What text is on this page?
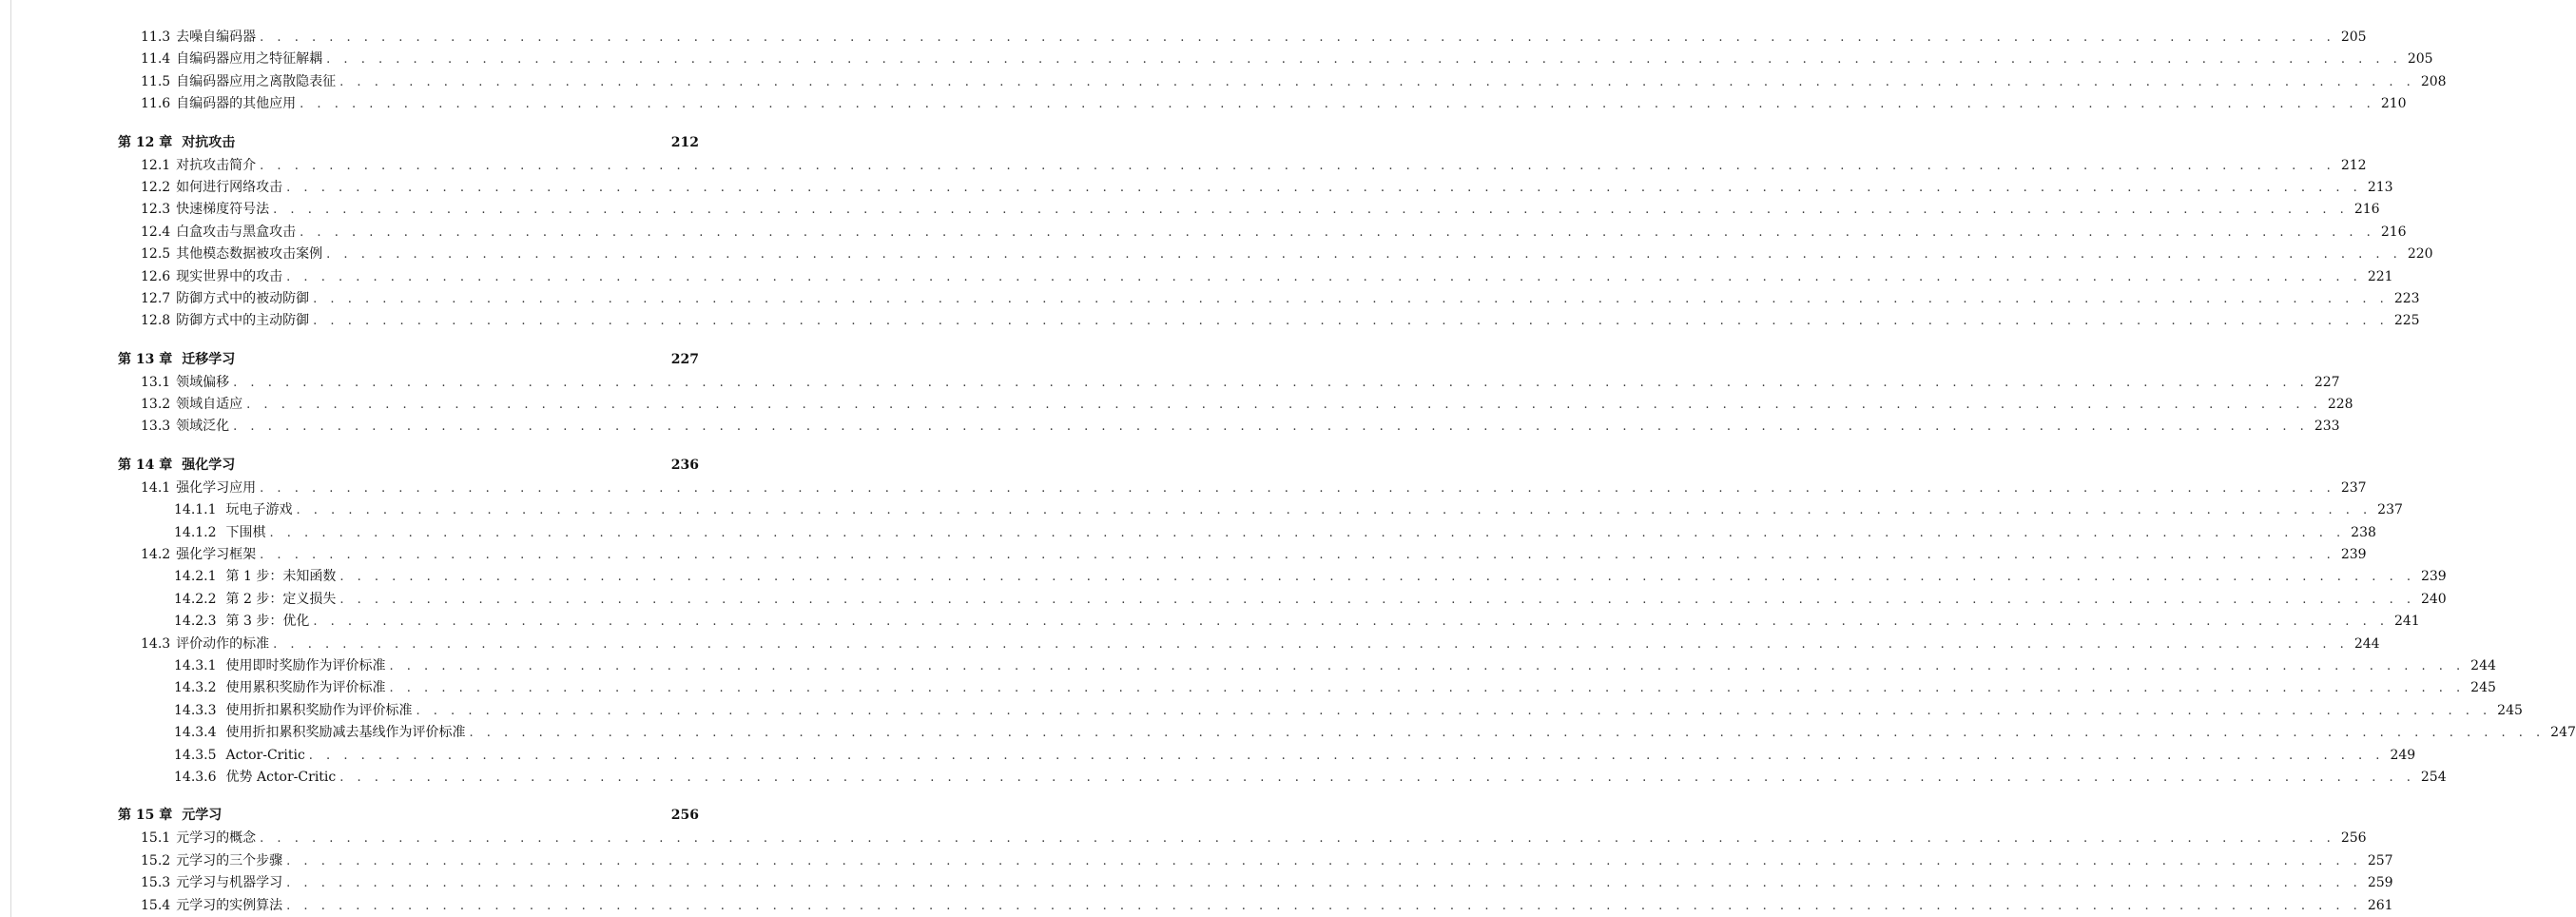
11.3 去噪自编码器 . . . . . . . . . . . . . . . . . . . . . . . . . . . . . . . . . . . . . . . . . . . . . . . . . . . . . . . . . . . . . . . . . . . . . . . . . . . . . . . . . . . . . . . . . . . . . . . . . . . . . . . . . . . . . . . . . . . . . . . . 205
11.4 自编码器应用之特征解耦 . . . . . . . . . . . . . . . . . . . . . . . . . . . . . . . . . . . . . . . . . . . . . . . . . . . . . . . . . . . . . . . . . . . . . . . . . . . . . . . . . . . . . . . . . . . . . . . . . . . . . . . . . . . . . . . . . . . . . . . . 205
11.5 自编码器应用之离散隐表征 . . . . . . . . . . . . . . . . . . . . . . . . . . . . . . . . . . . . . . . . . . . . . . . . . . . . . . . . . . . . . . . . . . . . . . . . . . . . . . . . . . . . . . . . . . . . . . . . . . . . . . . . . . . . . . . . . . . . . . . . 208
11.6 自编码器的其他应用 . . . . . . . . . . . . . . . . . . . . . . . . . . . . . . . . . . . . . . . . . . . . . . . . . . . . . . . . . . . . . . . . . . . . . . . . . . . . . . . . . . . . . . . . . . . . . . . . . . . . . . . . . . . . . . . . . . . . . . . . 210
第 12 章 对抗攻击	212
12.1 对抗攻击简介 . . . . . . . . . . . . . . . . . . . . . . . . . . . . . . . . . . . . . . . . . . . . . . . . . . . . . . . . . . . . . . . . . . . . . . . . . . . . . . . . . . . . . . . . . . . . . . . . . . . . . . . . . . . . . . . . . . . . . . . . 212
12.2 如何进行网络攻击 . . . . . . . . . . . . . . . . . . . . . . . . . . . . . . . . . . . . . . . . . . . . . . . . . . . . . . . . . . . . . . . . . . . . . . . . . . . . . . . . . . . . . . . . . . . . . . . . . . . . . . . . . . . . . . . . . . . . . . . . 213
12.3 快速梯度符号法 . . . . . . . . . . . . . . . . . . . . . . . . . . . . . . . . . . . . . . . . . . . . . . . . . . . . . . . . . . . . . . . . . . . . . . . . . . . . . . . . . . . . . . . . . . . . . . . . . . . . . . . . . . . . . . . . . . . . . . . . 216
12.4 白盒攻击与黑盒攻击 . . . . . . . . . . . . . . . . . . . . . . . . . . . . . . . . . . . . . . . . . . . . . . . . . . . . . . . . . . . . . . . . . . . . . . . . . . . . . . . . . . . . . . . . . . . . . . . . . . . . . . . . . . . . . . . . . . . . . . . . 216
12.5 其他模态数据被攻击案例 . . . . . . . . . . . . . . . . . . . . . . . . . . . . . . . . . . . . . . . . . . . . . . . . . . . . . . . . . . . . . . . . . . . . . . . . . . . . . . . . . . . . . . . . . . . . . . . . . . . . . . . . . . . . . . . . . . . . . . . . 220
12.6 现实世界中的攻击 . . . . . . . . . . . . . . . . . . . . . . . . . . . . . . . . . . . . . . . . . . . . . . . . . . . . . . . . . . . . . . . . . . . . . . . . . . . . . . . . . . . . . . . . . . . . . . . . . . . . . . . . . . . . . . . . . . . . . . . . 221
12.7 防御方式中的被动防御 . . . . . . . . . . . . . . . . . . . . . . . . . . . . . . . . . . . . . . . . . . . . . . . . . . . . . . . . . . . . . . . . . . . . . . . . . . . . . . . . . . . . . . . . . . . . . . . . . . . . . . . . . . . . . . . . . . . . . . . . 223
12.8 防御方式中的主动防御 . . . . . . . . . . . . . . . . . . . . . . . . . . . . . . . . . . . . . . . . . . . . . . . . . . . . . . . . . . . . . . . . . . . . . . . . . . . . . . . . . . . . . . . . . . . . . . . . . . . . . . . . . . . . . . . . . . . . . . . . 225
第 13 章 迁移学习	227
13.1 领域偏移 . . . . . . . . . . . . . . . . . . . . . . . . . . . . . . . . . . . . . . . . . . . . . . . . . . . . . . . . . . . . . . . . . . . . . . . . . . . . . . . . . . . . . . . . . . . . . . . . . . . . . . . . . . . . . . . . . . . . . . . . 227
13.2 领域自适应 . . . . . . . . . . . . . . . . . . . . . . . . . . . . . . . . . . . . . . . . . . . . . . . . . . . . . . . . . . . . . . . . . . . . . . . . . . . . . . . . . . . . . . . . . . . . . . . . . . . . . . . . . . . . . . . . . . . . . . . . 228
13.3 领域泛化 . . . . . . . . . . . . . . . . . . . . . . . . . . . . . . . . . . . . . . . . . . . . . . . . . . . . . . . . . . . . . . . . . . . . . . . . . . . . . . . . . . . . . . . . . . . . . . . . . . . . . . . . . . . . . . . . . . . . . . . . 233
第 14 章 强化学习	236
14.1 强化学习应用 . . . . . . . . . . . . . . . . . . . . . . . . . . . . . . . . . . . . . . . . . . . . . . . . . . . . . . . . . . . . . . . . . . . . . . . . . . . . . . . . . . . . . . . . . . . . . . . . . . . . . . . . . . . . . . . . . . . . . . . . 237
14.1.1 玩电子游戏 . . . . . . . . . . . . . . . . . . . . . . . . . . . . . . . . . . . . . . . . . . . . . . . . . . . . . . . . . . . . . . . . . . . . . . . . . . . . . . . . . . . . . . . . . . . . . . . . . . . . . . . . . . . . . . . . . . . . . . . . 237
14.1.2 下围棋 . . . . . . . . . . . . . . . . . . . . . . . . . . . . . . . . . . . . . . . . . . . . . . . . . . . . . . . . . . . . . . . . . . . . . . . . . . . . . . . . . . . . . . . . . . . . . . . . . . . . . . . . . . . . . . . . . . . . . . . . 238
14.2 强化学习框架 . . . . . . . . . . . . . . . . . . . . . . . . . . . . . . . . . . . . . . . . . . . . . . . . . . . . . . . . . . . . . . . . . . . . . . . . . . . . . . . . . . . . . . . . . . . . . . . . . . . . . . . . . . . . . . . . . . . . . . . . 239
14.2.1 第 1 步：未知函数 . . . . . . . . . . . . . . . . . . . . . . . . . . . . . . . . . . . . . . . . . . . . . . . . . . . . . . . . . . . . . . . . . . . . . . . . . . . . . . . . . . . . . . . . . . . . . . . . . . . . . . . . . . . . . . . . . . . . . . . . 239
14.2.2 第 2 步：定义损失 . . . . . . . . . . . . . . . . . . . . . . . . . . . . . . . . . . . . . . . . . . . . . . . . . . . . . . . . . . . . . . . . . . . . . . . . . . . . . . . . . . . . . . . . . . . . . . . . . . . . . . . . . . . . . . . . . . . . . . . . 240
14.2.3 第 3 步：优化 . . . . . . . . . . . . . . . . . . . . . . . . . . . . . . . . . . . . . . . . . . . . . . . . . . . . . . . . . . . . . . . . . . . . . . . . . . . . . . . . . . . . . . . . . . . . . . . . . . . . . . . . . . . . . . . . . . . . . . . . 241
14.3 评价动作的标准 . . . . . . . . . . . . . . . . . . . . . . . . . . . . . . . . . . . . . . . . . . . . . . . . . . . . . . . . . . . . . . . . . . . . . . . . . . . . . . . . . . . . . . . . . . . . . . . . . . . . . . . . . . . . . . . . . . . . . . . . 244
14.3.1 使用即时奖励作为评价标准 . . . . . . . . . . . . . . . . . . . . . . . . . . . . . . . . . . . . . . . . . . . . . . . . . . . . . . . . . . . . . . . . . . . . . . . . . . . . . . . . . . . . . . . . . . . . . . . . . . . . . . . . . . . . . . . . . . . . . . . . 244
14.3.2 使用累积奖励作为评价标准 . . . . . . . . . . . . . . . . . . . . . . . . . . . . . . . . . . . . . . . . . . . . . . . . . . . . . . . . . . . . . . . . . . . . . . . . . . . . . . . . . . . . . . . . . . . . . . . . . . . . . . . . . . . . . . . . . . . . . . . . 245
14.3.3 使用折扣累积奖励作为评价标准 . . . . . . . . . . . . . . . . . . . . . . . . . . . . . . . . . . . . . . . . . . . . . . . . . . . . . . . . . . . . . . . . . . . . . . . . . . . . . . . . . . . . . . . . . . . . . . . . . . . . . . . . . . . . . . . . . . . . . . . . 245
14.3.4 使用折扣累积奖励减去基线作为评价标准 . . . . . . . . . . . . . . . . . . . . . . . . . . . . . . . . . . . . . . . . . . . . . . . . . . . . . . . . . . . . . . . . . . . . . . . . . . . . . . . . . . . . . . . . . . . . . . . . . . . . . . . . . . . . . . . . . . . . . . . . 247
14.3.5 Actor-Critic . . . . . . . . . . . . . . . . . . . . . . . . . . . . . . . . . . . . . . . . . . . . . . . . . . . . . . . . . . . . . . . . . . . . . . . . . . . . . . . . . . . . . . . . . . . . . . . . . . . . . . . . . . . . . . . . . . . . . . . . 249
14.3.6 优势 Actor-Critic . . . . . . . . . . . . . . . . . . . . . . . . . . . . . . . . . . . . . . . . . . . . . . . . . . . . . . . . . . . . . . . . . . . . . . . . . . . . . . . . . . . . . . . . . . . . . . . . . . . . . . . . . . . . . . . . . . . . . . . . 254
第 15 章 元学习	256
15.1 元学习的概念 . . . . . . . . . . . . . . . . . . . . . . . . . . . . . . . . . . . . . . . . . . . . . . . . . . . . . . . . . . . . . . . . . . . . . . . . . . . . . . . . . . . . . . . . . . . . . . . . . . . . . . . . . . . . . . . . . . . . . . . . 256
15.2 元学习的三个步骤 . . . . . . . . . . . . . . . . . . . . . . . . . . . . . . . . . . . . . . . . . . . . . . . . . . . . . . . . . . . . . . . . . . . . . . . . . . . . . . . . . . . . . . . . . . . . . . . . . . . . . . . . . . . . . . . . . . . . . . . . 257
15.3 元学习与机器学习 . . . . . . . . . . . . . . . . . . . . . . . . . . . . . . . . . . . . . . . . . . . . . . . . . . . . . . . . . . . . . . . . . . . . . . . . . . . . . . . . . . . . . . . . . . . . . . . . . . . . . . . . . . . . . . . . . . . . . . . . 259
15.4 元学习的实例算法 . . . . . . . . . . . . . . . . . . . . . . . . . . . . . . . . . . . . . . . . . . . . . . . . . . . . . . . . . . . . . . . . . . . . . . . . . . . . . . . . . . . . . . . . . . . . . . . . . . . . . . . . . . . . . . . . . . . . . . . . 261
